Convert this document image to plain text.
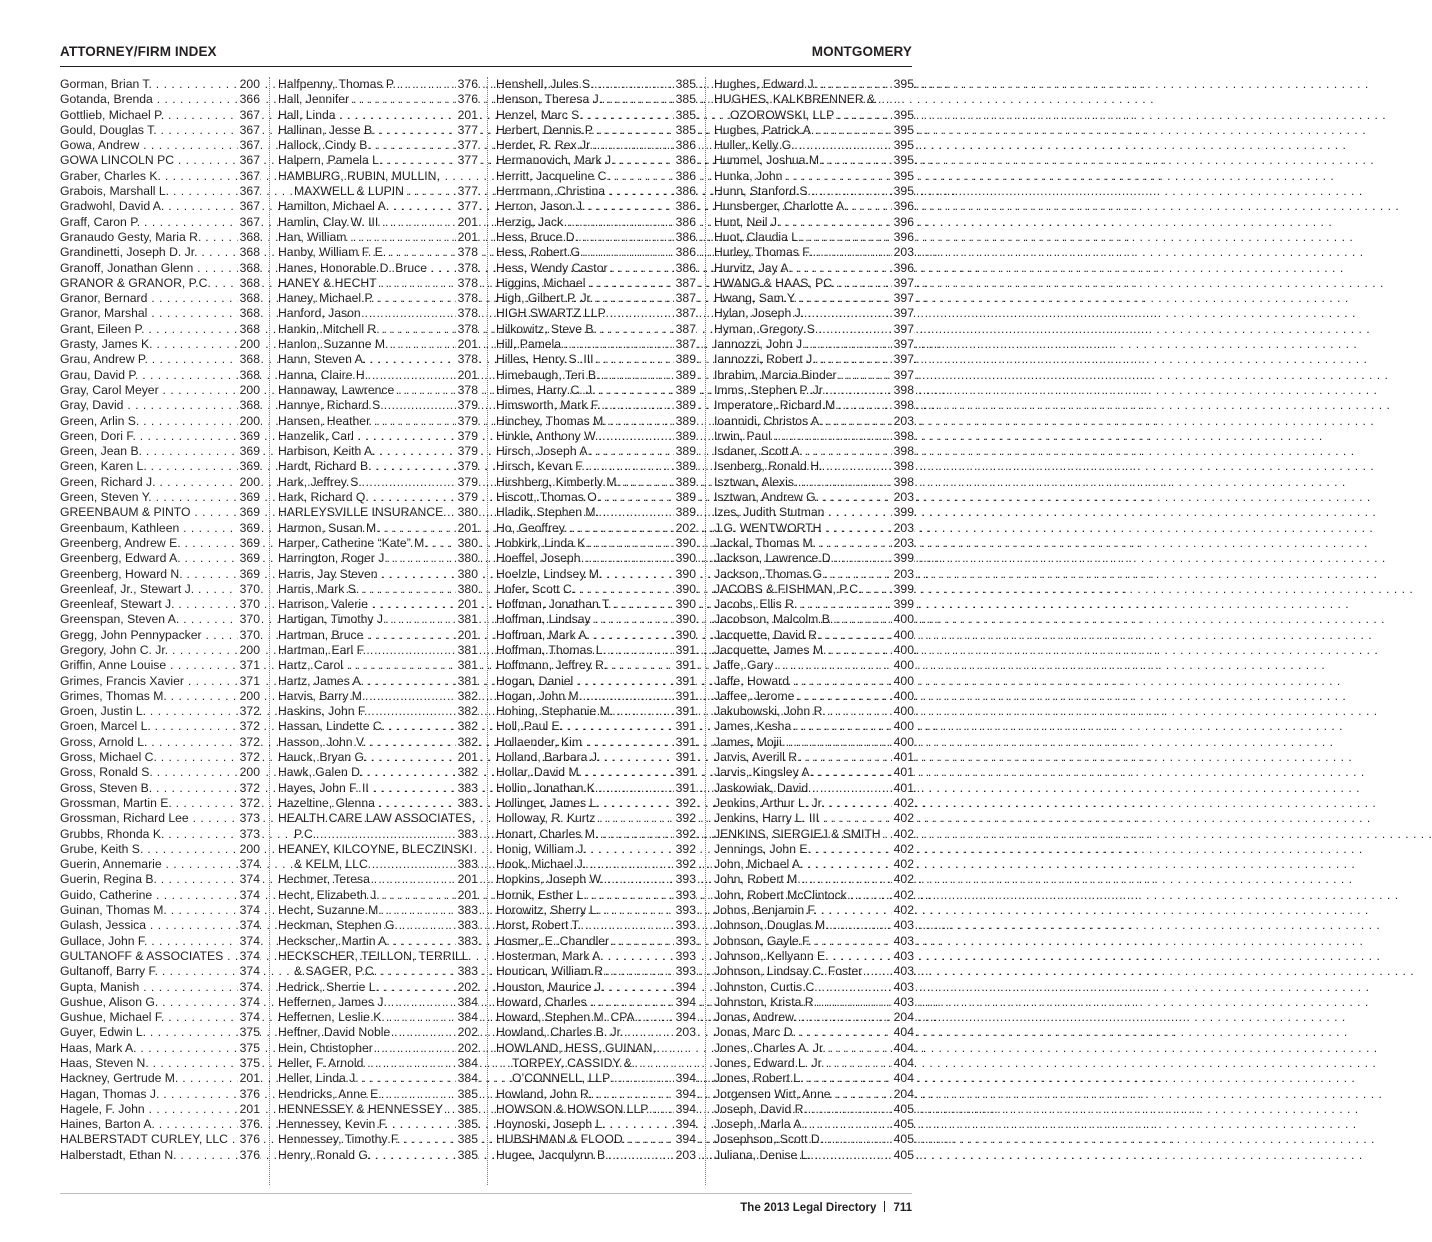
ATTORNEY/FIRM INDEX	MONTGOMERY
Gorman, Brian T. . . .	200
Gotanda, Brenda . . .	366
Gottlieb, Michael P. . . .	367
Gould, Douglas T. . . .	367
Gowa, Andrew . . .	367
GOWA LINCOLN PC . . .	367
Graber, Charles K. . . .	367
Grabois, Marshall L. . . .	367
Gradwohl, David A. . . .	367
Graff, Caron P. . . .	367
Granaudo Gesty, Maria R. . . .	368
Grandinetti, Joseph D. Jr. . . .	368
Granoff, Jonathan Glenn . . .	368
GRANOR & GRANOR, P.C. . . .	368
Granor, Bernard . . .	368
Granor, Marshal . . .	368
Grant, Eileen P. . . .	368
Grasty, James K. . . .	200
Grau, Andrew P. . . .	368
Grau, David P. . . .	368
Gray, Carol Meyer . . .	200
Gray, David . . .	368
Green, Arlin S. . . .	200
Green, Dori F. . . .	369
Green, Jean B. . . .	369
Green, Karen L. . . .	369
Green, Richard J. . . .	200
Green, Steven Y. . . .	369
GREENBAUM & PINTO . . .	369
Greenbaum, Kathleen . . .	369
Greenberg, Andrew E. . . .	369
Greenberg, Edward A. . . .	369
Greenberg, Howard N. . . .	369
Greenleaf, Jr., Stewart J. . . .	370
Greenleaf, Stewart J. . . .	370
Greenspan, Steven A. . . .	370
Gregg, John Pennypacker . . .	370
Gregory, John C. Jr. . . .	200
Griffin, Anne Louise . . .	371
Grimes, Francis Xavier . . .	371
Grimes, Thomas M. . . .	200
Groen, Justin L. . . .	372
Groen, Marcel L. . . .	372
Gross, Arnold L. . . .	372
Gross, Michael C. . . .	372
Gross, Ronald S. . . .	200
Gross, Steven B. . . .	372
Grossman, Martin E. . . .	372
Grossman, Richard Lee . . .	373
Grubbs, Rhonda K. . . .	373
Grube, Keith S. . . .	200
Guerin, Annemarie . . .	374
Guerin, Regina B. . . .	374
Guido, Catherine . . .	374
Guinan, Thomas M. . . .	374
Gulash, Jessica . . .	374
Gullace, John F. . . .	374
GULTANOFF & ASSOCIATES . . .	374
Gultanoff, Barry F. . . .	374
Gupta, Manish . . .	374
Gushue, Alison G. . . .	374
Gushue, Michael F. . . .	374
Guyer, Edwin L. . . .	375
Haas, Mark A. . . .	375
Haas, Steven N. . . .	375
Hackney, Gertrude M. . . .	201
Hagan, Thomas J. . . .	376
Hagele, F. John . . .	201
Haines, Barton A. . . .	376
HALBERSTADT CURLEY, LLC . . . 376
Halberstadt, Ethan N. . . .	376
Halfpenny, Thomas P. . . .	376
Hall, Jennifer . . .	376
Hall, Linda . . .	201
Hallinan, Jesse B. . . .	377
Hallock, Cindy B. . . .	377
Halpern, Pamela L. . . .	377
HAMBURG, RUBIN, MULLIN,
MAXWELL & LUPIN . . .	377
Hamilton, Michael A. . . .	377
Hamlin, Clay W. III . . .	201
Han, William . . .	201
Hanby, William F. E. . . .	378
Hanes, Honorable D. Bruce . . .	378
HANEY & HECHT . . .	378
Haney, Michael P. . . .	378
Hanford, Jason . . .	378
Hankin, Mitchell R. . . .	378
Hanlon, Suzanne M. . . .	201
Hann, Steven A. . . .	378
Hanna, Claire H. . . .	201
Hannaway, Lawrence . . .	378
Hannye, Richard S. . . .	379
Hansen, Heather . . .	379
Hanzelik, Carl . . .	379
Harbison, Keith A. . . .	379
Hardt, Richard B. . . .	379
Hark, Jeffrey S. . . .	379
Hark, Richard Q. . . .	379
HARLEYSVILLE INSURANCE . . .	380
Harmon, Susan M. . . .	201
Harper, Catherine “Kate” M. . . .	380
Harrington, Roger J. . . .	380
Harris, Jay Steven . . .	380
Harris, Mark S. . . .	380
Harrison, Valerie . . .	201
Hartigan, Timothy J. . . .	381
Hartman, Bruce . . .	201
Hartman, Earl F. . . .	381
Hartz, Carol . . .	381
Hartz, James A. . . .	381
Harvis, Barry M. . . .	382
Haskins, John F. . . .	382
Hassan, Lindette C. . . .	382
Hasson, John V. . . .	382
Hauck, Bryan G. . . .	201
Hawk, Galen D. . . .	382
Hayes, John F. II . . .	383
Hazeltine, Glenna . . .	383
HEALTH CARE LAW ASSOCIATES,
P.C. . . .	383
HEANEY, KILCOYNE, BLECZINSKI
& KELM, LLC . . .	383
Hechmer, Teresa . . .	201
Hecht, Elizabeth J. . . .	201
Hecht, Suzanne M. . . .	383
Heckman, Stephen G. . . .	383
Heckscher, Martin A. . . .	383
HECKSCHER, TEILLON, TERRILL
& SAGER, P.C. . . .	383
Hedrick, Sherrie L. . . .	202
Heffernen, James J. . . .	384
Heffernen, Leslie K. . . .	384
Heffner, David Noble . . .	202
Hein, Christopher . . .	202
Heller, F. Arnold . . .	384
Heller, Linda J. . . .	384
Hendricks, Anne E. . . .	385
HENNESSEY & HENNESSEY . . .	385
Hennessey, Kevin F. . . .	385
Hennessey, Timothy F. . . .	385
Henry, Ronald G. . . .	385
Henshell, Jules S. . . .	385
Henson, Theresa J. . . .	385
Henzel, Marc S. . . .	385
Herbert, Dennis P. . . .	385
Herder, R. Rex Jr. . . .	386
Hermanovich, Mark J. . . .	386
Herritt, Jacqueline C. . . .	386
Herrmann, Christina . . .	386
Herron, Jason J. . . .	386
Herzig, Jack . . .	386
Hess, Bruce D. . . .	386
Hess, Robert G. . . .	386
Hess, Wendy Castor . . .	386
Higgins, Michael . . .	387
High, Gilbert P. Jr. . . .	387
HIGH SWARTZ LLP . . .	387
Hilkowitz, Steve B. . . .	387
Hill, Pamela . . .	387
Hilles, Henry S. III . . .	389
Himebaugh, Teri B. . . .	389
Himes, Harry C. J. . . .	389
Himsworth, Mark F. . . .	389
Hinchey, Thomas M. . . .	389
Hinkle, Anthony W. . . .	389
Hirsch, Joseph A. . . .	389
Hirsch, Kevan F. . . .	389
Hirshberg, Kimberly M. . . .	389
Hiscott, Thomas O. . . .	389
Hladik, Stephen M. . . .	389
Ho, Geoffrey . . .	202
Hobkirk, Linda K. . . .	390
Hoeffel, Joseph . . .	390
Hoelzle, Lindsey M. . . .	390
Hofer, Scott C. . . .	390
Hoffman, Jonathan T. . . .	390
Hoffman, Lindsay . . .	390
Hoffman, Mark A. . . .	390
Hoffman, Thomas L. . . .	391
Hoffmann, Jeffrey R. . . .	391
Hogan, Daniel . . .	391
Hogan, John M. . . .	391
Hohing, Stephanie M. . . .	391
Holl, Paul E. . . .	391
Hollaender, Kim . . .	391
Holland, Barbara J. . . .	391
Hollar, David M. . . .	391
Hollin, Jonathan K. . . .	391
Hollinger, James L. . . .	392
Holloway, R. Kurtz . . .	392
Honart, Charles M. . . .	392
Honig, William J. . . .	392
Hook, Michael J. . . .	392
Hopkins, Joseph W. . . .	393
Hornik, Esther L. . . .	393
Horowitz, Sherry L. . . .	393
Horst, Robert T. . . .	393
Hosmer, E. Chandler . . .	393
Hosterman, Mark A. . . .	393
Hourican, William R. . . .	393
Houston, Maurice J. . . .	394
Howard, Charles . . .	394
Howard, Stephen M. CPA . . .	394
Howland, Charles B. Jr. . . .	203
HOWLAND, HESS, GUINAN,
TORPEY, CASSIDY &
O’CONNELL, LLP . . .	394
Howland, John R. . . .	394
HOWSON & HOWSON LLP . . .	394
Hoynoski, Joseph L. . . .	394
HUBSHMAN & FLOOD . . .	394
Hugee, Jacqulynn B. . . .	203
Hughes, Edward J. . . .	395
HUGHES, KALKBRENNER &
OZOROWSKI, LLP . . .	395
Hughes, Patrick A. . . .	395
Huller, Kelly G. . . .	395
Hummel, Joshua M. . . .	395
Hunka, John . . .	395
Hunn, Stanford S. . . .	395
Hunsberger, Charlotte A. . . .	396
Hunt, Neil J. . . .	396
Huot, Claudia L. . . .	396
Hurley, Thomas F. . . .	203
Hurvitz, Jay A. . . .	396
HWANG & HAAS, PC . . .	397
Hwang, Sam Y. . . .	397
Hylan, Joseph J. . . .	397
Hyman, Gregory S. . . .	397
Iannozzi, John J. . . .	397
Iannozzi, Robert J. . . .	397
Ibrahim, Marcia Binder . . .	397
Imms, Stephen P. Jr. . . .	398
Imperatore, Richard M. . . .	398
Ioannidi, Christos A. . . .	203
Irwin, Paul . . .	398
Isdaner, Scott A. . . .	398
Isenberg, Ronald H. . . .	398
Isztwan, Alexis . . .	398
Isztwan, Andrew G. . . .	203
Izes, Judith Stutman . . .	399
J.G. WENTWORTH . . .	203
Jackal, Thomas M. . . .	203
Jackson, Lawrence D. . . .	399
Jackson, Thomas G. . . .	203
JACOBS & FISHMAN, P.C. . . .	399
Jacobs, Ellis R. . . .	399
Jacobson, Malcolm B. . . .	400
Jacquette, David R. . . .	400
Jacquette, James M. . . .	400
Jaffe, Gary . . .	400
Jaffe, Howard . . .	400
Jaffee, Jerome . . .	400
Jakubowski, John R. . . .	400
James, Kesha . . .	400
James, Mojii . . .	400
Jarvis, Averill R. . . .	401
Jarvis, Kingsley A. . . .	401
Jaskowiak, David . . .	401
Jenkins, Arthur L. Jr. . . .	402
Jenkins, Harry L. III . . .	402
JENKINS, SIERGIEJ & SMITH . . .	402
Jennings, John E. . . .	402
John, Michael A. . . .	402
John, Robert M. . . .	402
John, Robert McClintock . . .	402
Johns, Benjamin F. . . .	402
Johnson, Douglas M. . . .	403
Johnson, Gayle F. . . .	403
Johnson, Kellyann E. . . .	403
Johnson, Lindsay C. Foster . . .	403
Johnston, Curtis C. . . .	403
Johnston, Krista R. . . .	403
Jonas, Andrew . . .	204
Jonas, Marc D. . . .	404
Jones, Charles A. Jr. . . .	404
Jones, Edward L. Jr. . . .	404
Jones, Robert L. . . .	404
Jorgensen Wirt, Anne . . .	204
Joseph, David R. . . .	405
Joseph, Marla A. . . .	405
Josephson, Scott D. . . .	405
Juliana, Denise L. . . .	405
The 2013 Legal Directory 711
